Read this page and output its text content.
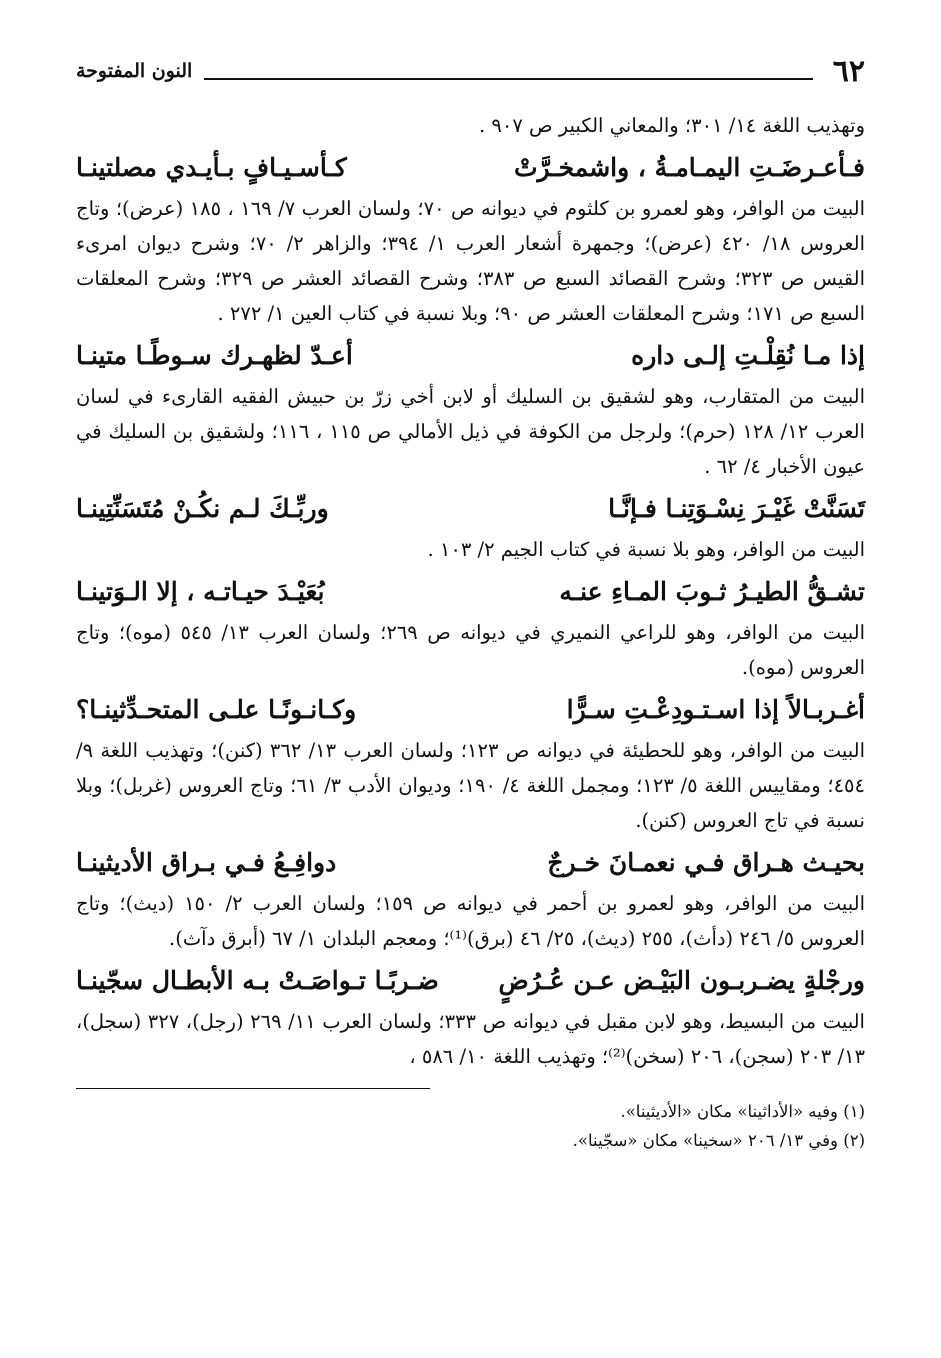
٦٢
النون المفتوحة

وتهذيب اللغة ١٤/ ٣٠١؛ والمعاني الكبير ص ٩٠٧ .

فـأعـرضَـتِ اليمـامـةُ ، واشمخـرَّتْ
كـأسـيـافٍ بـأيـدي مصلتينـا

البيت من الوافر، وهو لعمرو بن كلثوم في ديوانه ص ٧٠؛ ولسان العرب ٧/ ١٦٩ ، ١٨٥ (عرض)؛ وتاج العروس ١٨/ ٤٢٠ (عرض)؛ وجمهرة أشعار العرب ١/ ٣٩٤؛ والزاهر ٢/ ٧٠؛ وشرح ديوان امرىء القيس ص ٣٢٣؛ وشرح القصائد السبع ص ٣٨٣؛ وشرح القصائد العشر ص ٣٢٩؛ وشرح المعلقات السبع ص ١٧١؛ وشرح المعلقات العشر ص ٩٠؛ وبلا نسبة في كتاب العين ١/ ٢٧٢ .

إذا مـا نُقِلْـتِ إلـى داره
أعـدّ لظهـرك سـوطًـا متينـا

البيت من المتقارب، وهو لشقيق بن السليك أو لابن أخي زرّ بن حبيش الفقيه القارىء في لسان العرب ١٢/ ١٢٨ (حرم)؛ ولرجل من الكوفة في ذيل الأمالي ص ١١٥ ، ١١٦؛ ولشقيق بن السليك في عيون الأخبار ٤/ ٦٢ .

تَسَنَّتْ غَيْـرَ نِسْـوَتِنـا فـإنَّـا
وربِّـكَ لـم نكُـنْ مُتَسَنِّتِينـا

البيت من الوافر، وهو بلا نسبة في كتاب الجيم ٢/ ١٠٣ .

تشـقُّ الطيـرُ ثـوبَ المـاءِ عنـه
بُعَيْـدَ حيـاتـه ، إلا الـوَتينـا

البيت من الوافر، وهو للراعي النميري في ديوانه ص ٢٦٩؛ ولسان العرب ١٣/ ٥٤٥ (موه)؛ وتاج العروس (موه).

أغـربـالاً إذا اسـتـودِعْـتِ سـرًّا
وكـانـونًـا علـى المتحـدِّثينـا؟

البيت من الوافر، وهو للحطيئة في ديوانه ص ١٢٣؛ ولسان العرب ١٣/ ٣٦٢ (كنن)؛ وتهذيب اللغة ٩/ ٤٥٤؛ ومقاييس اللغة ٥/ ١٢٣؛ ومجمل اللغة ٤/ ١٩٠؛ وديوان الأدب ٣/ ٦١؛ وتاج العروس (غربل)؛ وبلا نسبة في تاج العروس (كنن).

بحيـث هـراق فـي نعمـانَ خـرجٌ
دوافِـعُ فـي بـراق الأديثينـا

البيت من الوافر، وهو لعمرو بن أحمر في ديوانه ص ١٥٩؛ ولسان العرب ٢/ ١٥٠ (ديث)؛ وتاج العروس ٥/ ٢٤٦ (دأث)، ٢٥٥ (ديث)، ٢٥/ ٤٦ (برق)⁽¹⁾؛ ومعجم البلدان ١/ ٦٧ (أبرق دآث).

ورجْلةٍ يضـربـون البَيْـض عـن عُـرُضٍ
ضـربًـا تـواصَـتْ بـه الأبطـال سجّينـا

البيت من البسيط، وهو لابن مقبل في ديوانه ص ٣٣٣؛ ولسان العرب ١١/ ٢٦٩ (رجل)، ٣٢٧ (سجل)، ١٣/ ٢٠٣ (سجن)، ٢٠٦ (سخن)⁽²⁾؛ وتهذيب اللغة ١٠/ ٥٨٦ ،

(١) وفيه «الأداثينا» مكان «الأديثينا».

(٢) وفي ١٣/ ٢٠٦ «سخينا» مكان «سجّينا».
